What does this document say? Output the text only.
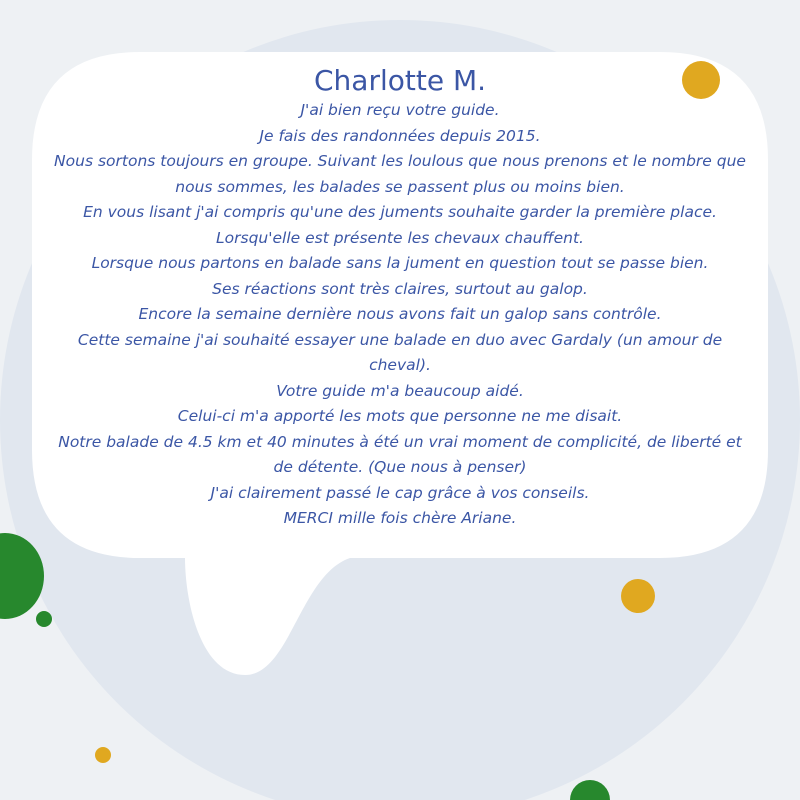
Charlotte M.

J'ai bien reçu votre guide.

Je fais des randonnées depuis 2015.

Nous sortons toujours en groupe. Suivant les loulous que nous prenons et le nombre que nous sommes, les balades se passent plus ou moins bien.

En vous lisant j'ai compris qu'une des juments souhaite garder la première place. Lorsqu'elle est présente les chevaux chauffent.

Lorsque nous partons en balade sans la jument en question tout se passe bien.

Ses réactions sont très claires, surtout au galop.

Encore la semaine dernière nous avons fait un galop sans contrôle.

Cette semaine j'ai souhaité essayer une balade en duo avec Gardaly (un amour de cheval).

Votre guide m'a beaucoup aidé.

Celui-ci m'a apporté les mots que personne ne me disait.

Notre balade de 4.5 km et 40 minutes à été un vrai moment de complicité, de liberté et de détente. (Que nous à penser)

J'ai clairement passé le cap grâce à vos conseils.

MERCI mille fois chère Ariane.
